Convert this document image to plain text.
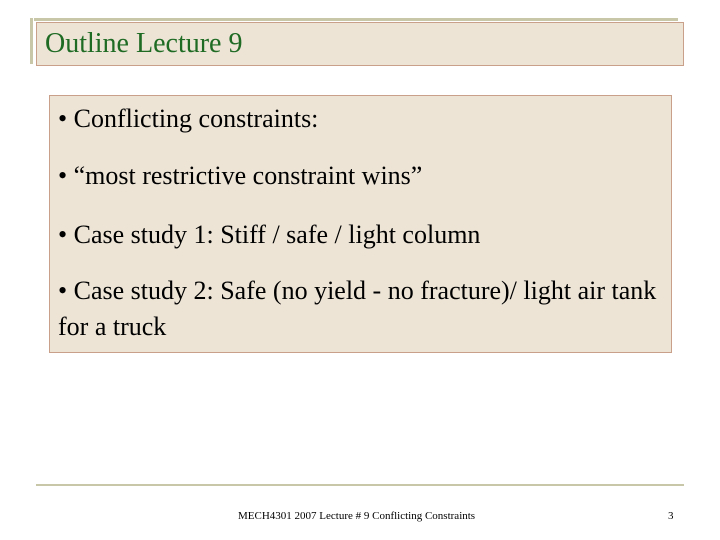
Outline Lecture 9
• Conflicting constraints:
• “most restrictive constraint wins”
• Case study 1: Stiff / safe / light column
• Case study 2: Safe (no yield - no fracture)/ light air tank for a truck
MECH4301 2007 Lecture # 9 Conflicting Constraints	3
